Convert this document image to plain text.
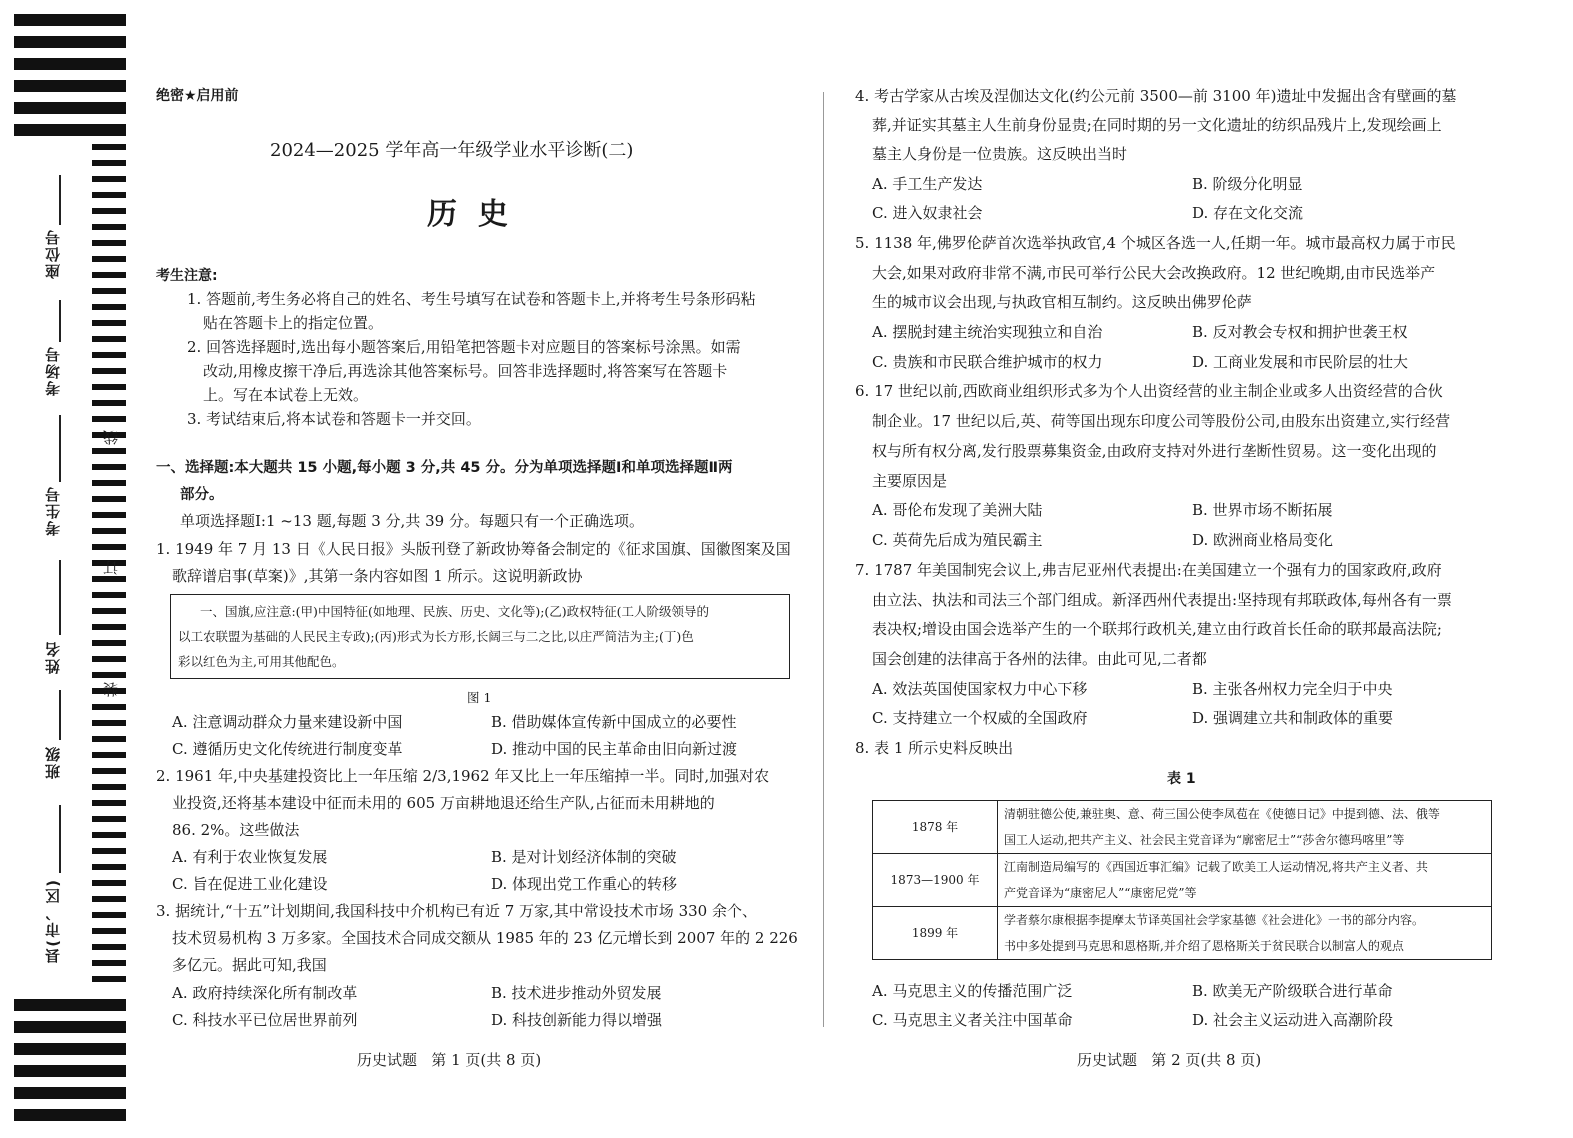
座位号
考场号
考生号
姓名
班级
县(市、区)
线
订
装
绝密★启用前
2024—2025 学年高一年级学业水平诊断(二)
历  史
考生注意:
1. 答题前,考生务必将自己的姓名、考生号填写在试卷和答题卡上,并将考生号条形码粘
贴在答题卡上的指定位置。
2. 回答选择题时,选出每小题答案后,用铅笔把答题卡对应题目的答案标号涂黑。如需
改动,用橡皮擦干净后,再选涂其他答案标号。回答非选择题时,将答案写在答题卡
上。写在本试卷上无效。
3. 考试结束后,将本试卷和答题卡一并交回。
一、选择题:本大题共 15 小题,每小题 3 分,共 45 分。分为单项选择题Ⅰ和单项选择题Ⅱ两
部分。
单项选择题Ⅰ:1 ~13 题,每题 3 分,共 39 分。每题只有一个正确选项。
1. 1949 年 7 月 13 日《人民日报》头版刊登了新政协筹备会制定的《征求国旗、国徽图案及国
歌辞谱启事(草案)》,其第一条内容如图 1 所示。这说明新政协
一、国旗,应注意:(甲)中国特征(如地理、民族、历史、文化等);(乙)政权特征(工人阶级领导的
以工农联盟为基础的人民民主专政);(丙)形式为长方形,长阔三与二之比,以庄严简洁为主;(丁)色
彩以红色为主,可用其他配色。
图 1
A. 注意调动群众力量来建设新中国	B. 借助媒体宣传新中国成立的必要性
C. 遵循历史文化传统进行制度变革	D. 推动中国的民主革命由旧向新过渡
2. 1961 年,中央基建投资比上一年压缩 2/3,1962 年又比上一年压缩掉一半。同时,加强对农
业投资,还将基本建设中征而未用的 605 万亩耕地退还给生产队,占征而未用耕地的
86. 2%。这些做法
A. 有利于农业恢复发展	B. 是对计划经济体制的突破
C. 旨在促进工业化建设	D. 体现出党工作重心的转移
3. 据统计,“十五”计划期间,我国科技中介机构已有近 7 万家,其中常设技术市场 330 余个、
技术贸易机构 3 万多家。全国技术合同成交额从 1985 年的 23 亿元增长到 2007 年的 2 226
多亿元。据此可知,我国
A. 政府持续深化所有制改革	B. 技术进步推动外贸发展
C. 科技水平已位居世界前列	D. 科技创新能力得以增强
历史试题   第 1 页(共 8 页)
4. 考古学家从古埃及涅伽达文化(约公元前 3500—前 3100 年)遗址中发掘出含有壁画的墓
葬,并证实其墓主人生前身份显贵;在同时期的另一文化遗址的纺织品残片上,发现绘画上
墓主人身份是一位贵族。这反映出当时
A. 手工生产发达	B. 阶级分化明显
C. 进入奴隶社会	D. 存在文化交流
5. 1138 年,佛罗伦萨首次选举执政官,4 个城区各选一人,任期一年。城市最高权力属于市民
大会,如果对政府非常不满,市民可举行公民大会改换政府。12 世纪晚期,由市民选举产
生的城市议会出现,与执政官相互制约。这反映出佛罗伦萨
A. 摆脱封建主统治实现独立和自治	B. 反对教会专权和拥护世袭王权
C. 贵族和市民联合维护城市的权力	D. 工商业发展和市民阶层的壮大
6. 17 世纪以前,西欧商业组织形式多为个人出资经营的业主制企业或多人出资经营的合伙
制企业。17 世纪以后,英、荷等国出现东印度公司等股份公司,由股东出资建立,实行经营
权与所有权分离,发行股票募集资金,由政府支持对外进行垄断性贸易。这一变化出现的
主要原因是
A. 哥伦布发现了美洲大陆	B. 世界市场不断拓展
C. 英荷先后成为殖民霸主	D. 欧洲商业格局变化
7. 1787 年美国制宪会议上,弗吉尼亚州代表提出:在美国建立一个强有力的国家政府,政府
由立法、执法和司法三个部门组成。新泽西州代表提出:坚持现有邦联政体,每州各有一票
表决权;增设由国会选举产生的一个联邦行政机关,建立由行政首长任命的联邦最高法院;
国会创建的法律高于各州的法律。由此可见,二者都
A. 效法英国使国家权力中心下移	B. 主张各州权力完全归于中央
C. 支持建立一个权威的全国政府	D. 强调建立共和制政体的重要
8. 表 1 所示史料反映出
表 1
1878 年	清朝驻德公使,兼驻奥、意、荷三国公使李凤苞在《使德日记》中提到德、法、俄等
国工人运动,把共产主义、社会民主党音译为“廓密尼士”“莎舍尔德玛喀里”等

1873—1900 年	江南制造局编写的《西国近事汇编》记载了欧美工人运动情况,将共产主义者、共
产党音译为“康密尼人”“康密尼党”等

1899 年	学者蔡尔康根据李提摩太节译英国社会学家基德《社会进化》一书的部分内容。
书中多处提到马克思和恩格斯,并介绍了恩格斯关于贫民联合以制富人的观点
A. 马克思主义的传播范围广泛	B. 欧美无产阶级联合进行革命
C. 马克思主义者关注中国革命	D. 社会主义运动进入高潮阶段
历史试题   第 2 页(共 8 页)
